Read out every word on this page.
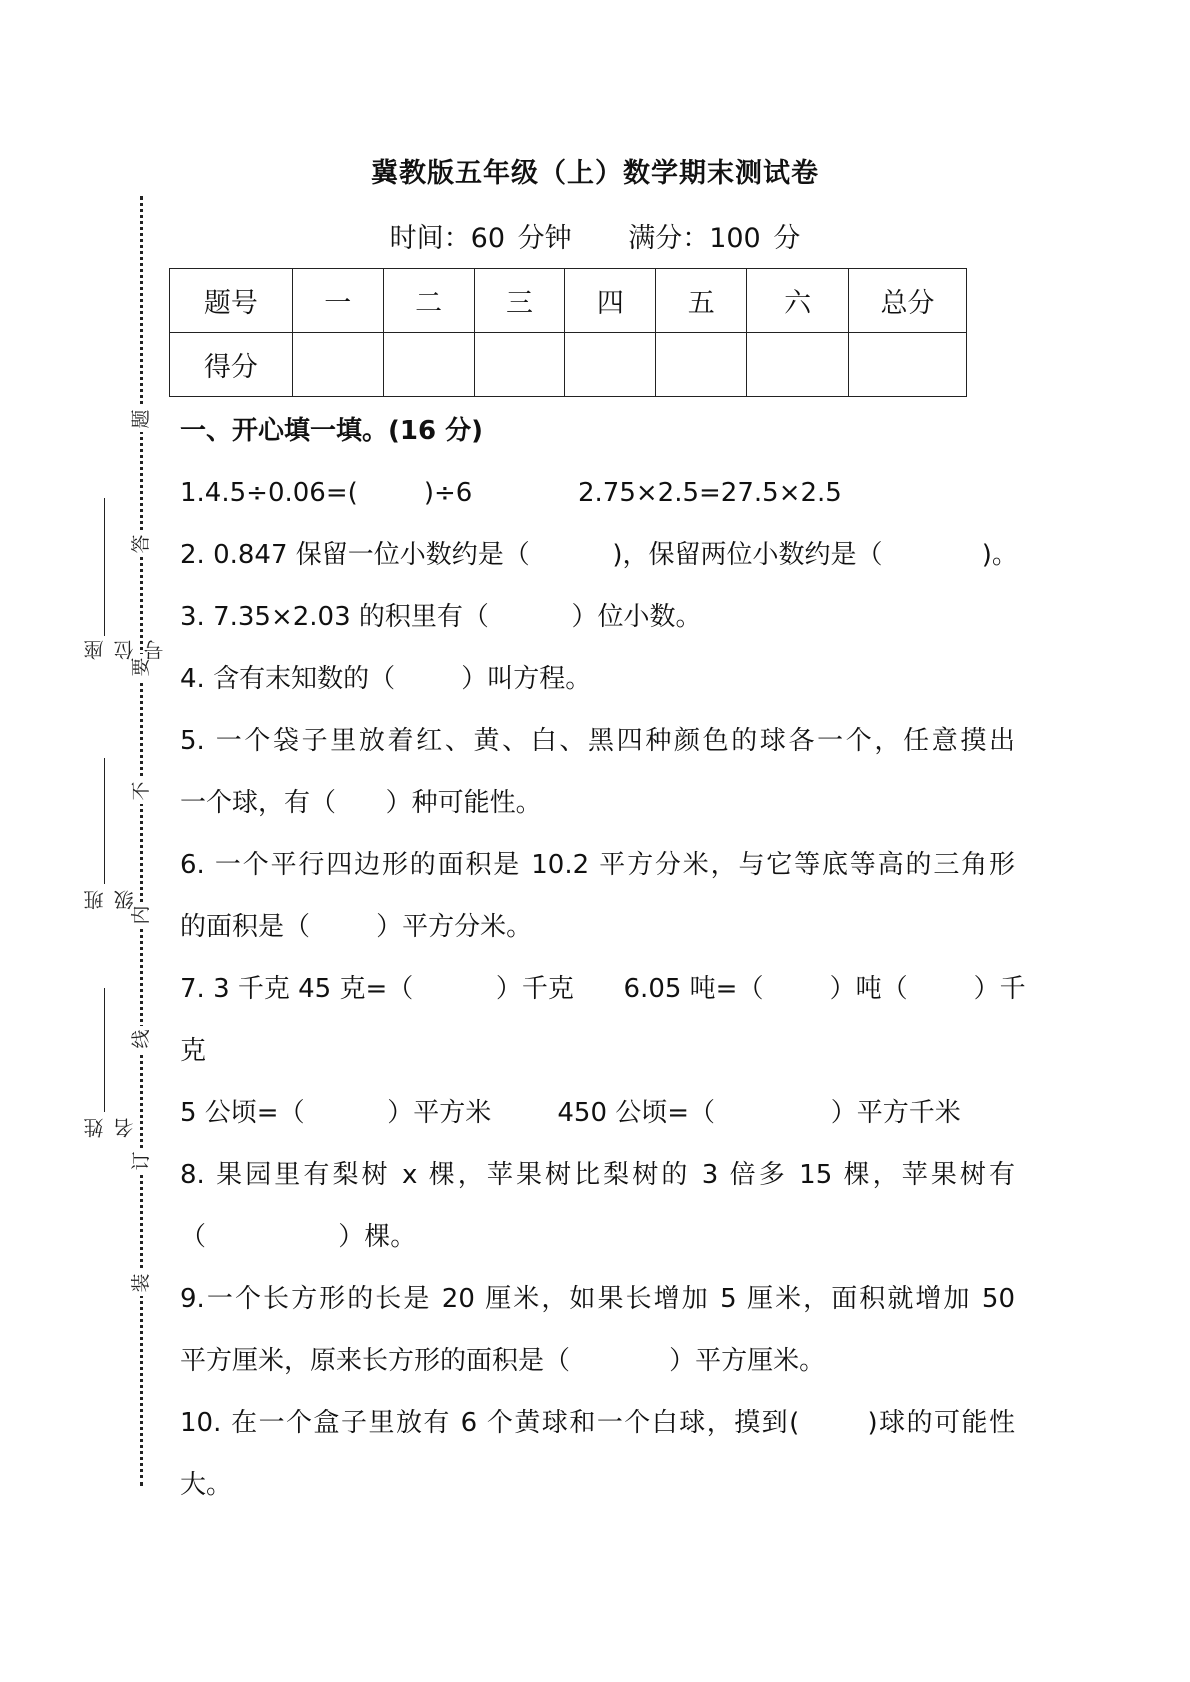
冀教版五年级（上）数学期末测试卷
时间：60 分钟 满分：100 分
题号	一	二	三	四	五	六	总分
得分							
题
答
要
不
内
线
订
装
座位号
班级
姓名
一、开心填一填。(16 分)
1.4.5÷0.06=(        )÷6	2.75×2.5=27.5×2.5
2. 0.847 保留一位小数约是（          )，保留两位小数约是（            )。
3. 7.35×2.03 的积里有（          ）位小数。
4. 含有末知数的（        ）叫方程。
5. 一个袋子里放着红、黄、白、黑四种颜色的球各一个，任意摸出
一个球，有（      ）种可能性。
6. 一个平行四边形的面积是 10.2 平方分米，与它等底等高的三角形
的面积是（        ）平方分米。
7. 3 千克 45 克=（          ）千克      6.05 吨=（        ）吨（        ）千
克
5 公顷=（          ）平方米        450 公顷=（              ）平方千米
8. 果园里有梨树 x 棵，苹果树比梨树的 3 倍多 15 棵，苹果树有
（                ）棵。
9.一个长方形的长是 20 厘米，如果长增加 5 厘米，面积就增加 50
平方厘米，原来长方形的面积是（            ）平方厘米。
10. 在一个盒子里放有 6 个黄球和一个白球，摸到(       )球的可能性
大。
